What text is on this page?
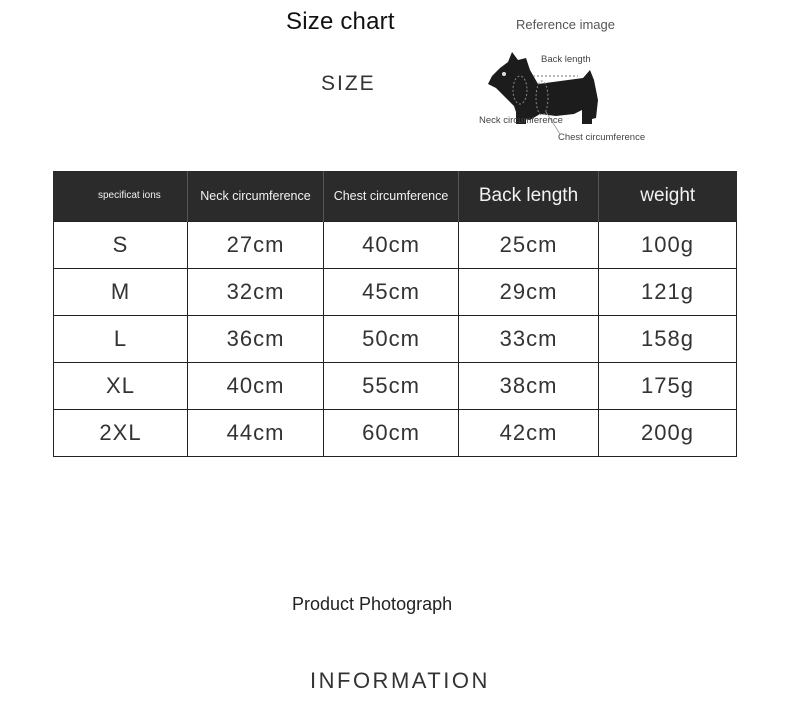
Size chart
SIZE
Reference image
Back length
Neck circumference
Chest circumference
specificat ions	Neck circumference	Chest circumference	Back length	weight
S	27cm	40cm	25cm	100g
M	32cm	45cm	29cm	121g
L	36cm	50cm	33cm	158g
XL	40cm	55cm	38cm	175g
2XL	44cm	60cm	42cm	200g
Product Photograph
INFORMATION
